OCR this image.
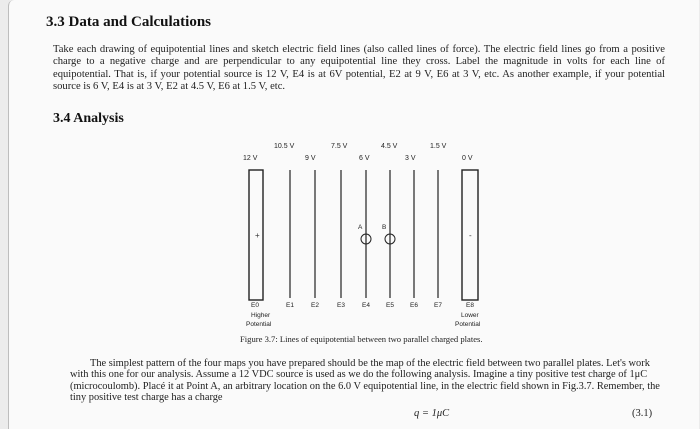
3.3 Data and Calculations
Take each drawing of equipotential lines and sketch electric field lines (also called lines of force). The electric field lines go from a positive charge to a negative charge and are perpendicular to any equipotential line they cross. Label the magnitude in volts for each line of equipotential. That is, if your potential source is 12 V, E4 is at 6V potential, E2 at 9 V, E6 at 3 V, etc. As another example, if your potential source is 6 V, E4 is at 3 V, E2 at 4.5 V, E6 at 1.5 V, etc.
3.4 Analysis
+	-
A	B
10.5 V	7.5 V	4.5 V	1.5 V
12 V	9 V	6 V	3 V	0 V
E0	E1	E2	E3	E4 E5 E6 E7	E8
Higher
Potential
Lower
Potential
Figure 3.7: Lines of equipotential between two parallel charged plates.
The simplest pattern of the four maps you have prepared should be the map of the electric field between two parallel plates. Let's work with this one for our analysis. Assume a 12 VDC source is used as we do the following analysis. Imagine a tiny positive test charge of 1μC (microcoulomb). Placé it at Point A, an arbitrary location on the 6.0 V equipotential line, in the electric field shown in Fig.3.7. Remember, the tiny positive test charge has a charge
q = 1μC	(3.1)
